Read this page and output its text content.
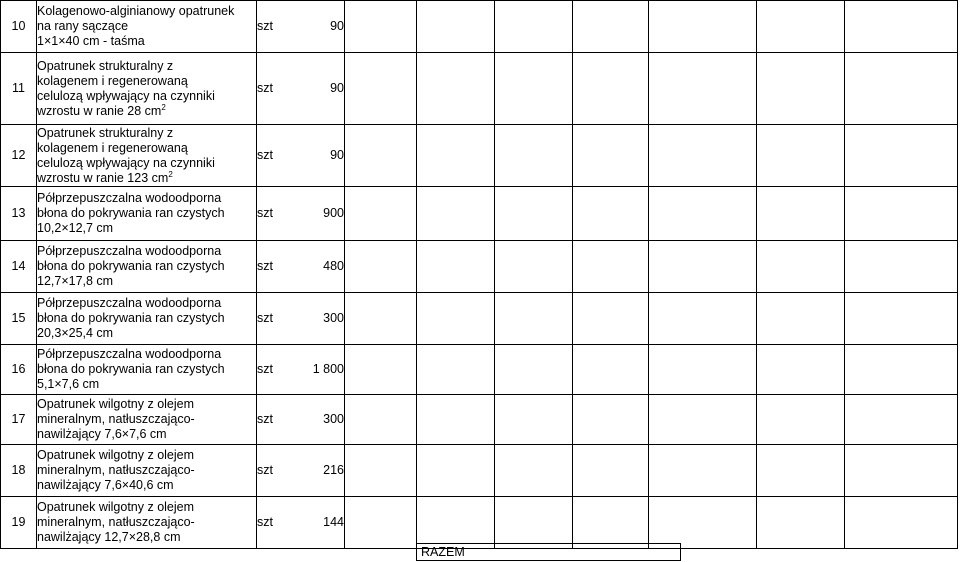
10	Kolagenowo-alginianowy opatrunek
na rany sączące
1×1×40 cm - taśma	szt	90							
11	Opatrunek strukturalny z
kolagenem i regenerowaną
celulozą wpływający na czynniki
wzrostu w ranie 28 $cm^2$	szt	90							
12	Opatrunek strukturalny z
kolagenem i regenerowaną
celulozą wpływający na czynniki
wzrostu w ranie 123 $cm^2$	szt	90							
13	Półprzepuszczalna wodoodporna
błona do pokrywania ran czystych
10,2×12,7 cm	szt	900							
14	Półprzepuszczalna wodoodporna
błona do pokrywania ran czystych
12,7×17,8 cm	szt	480							
15	Półprzepuszczalna wodoodporna
błona do pokrywania ran czystych
20,3×25,4 cm	szt	300							
16	Półprzepuszczalna wodoodporna
błona do pokrywania ran czystych
5,1×7,6 cm	szt	1 800							
17	Opatrunek wilgotny z olejem
mineralnym, natłuszczająco-
nawilżający 7,6×7,6 cm	szt	300							
18	Opatrunek wilgotny z olejem
mineralnym, natłuszczająco-
nawilżający 7,6×40,6 cm	szt	216							
19	Opatrunek wilgotny z olejem
mineralnym, natłuszczająco-
nawilżający 12,7×28,8 cm	szt	144							
RAZEM
